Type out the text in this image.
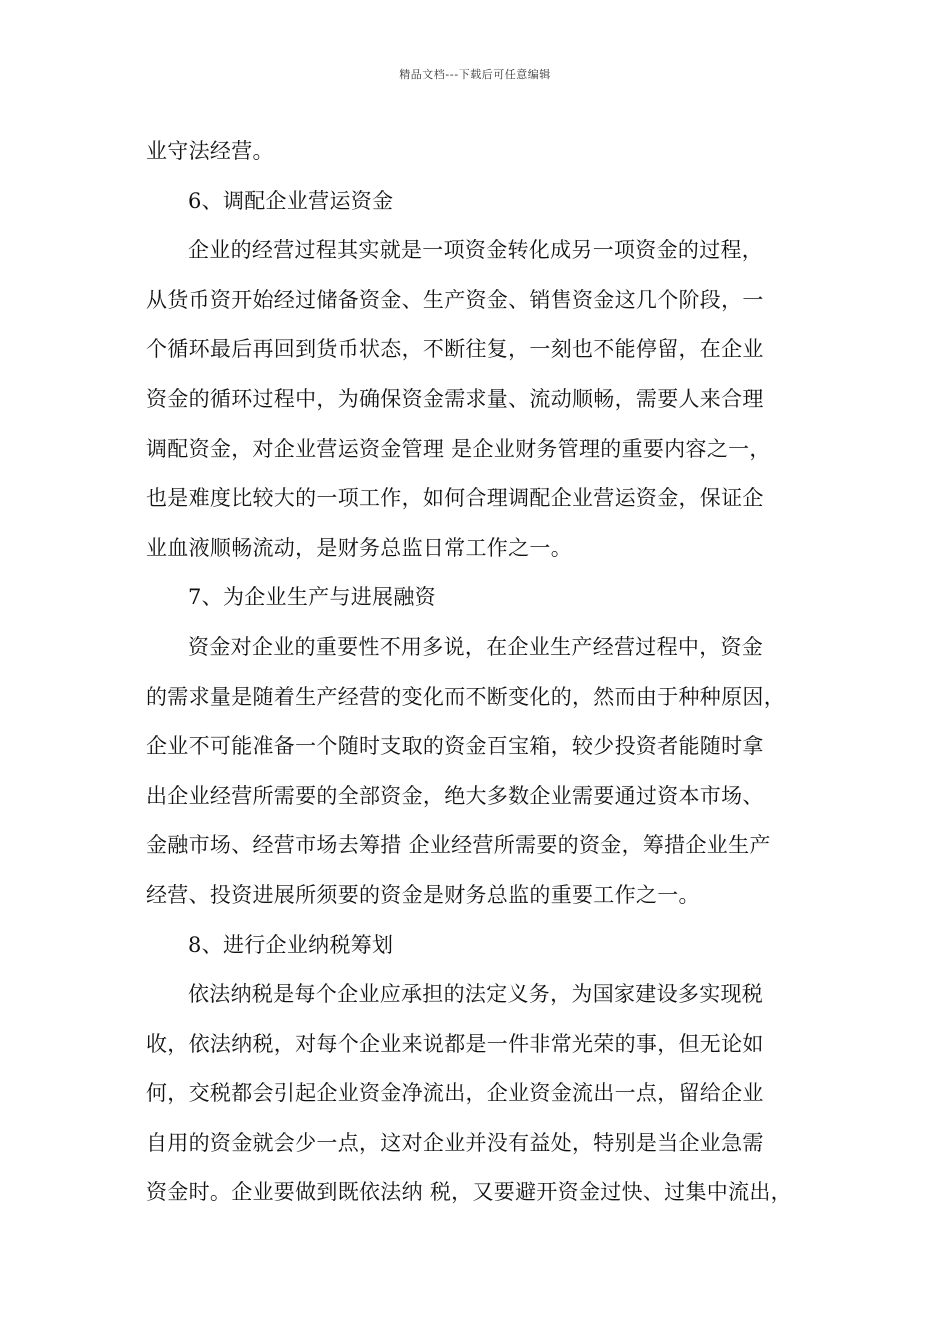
精品文档---下载后可任意编辑
业守法经营。
6、调配企业营运资金
企业的经营过程其实就是一项资金转化成另一项资金的过程，
从货币资开始经过储备资金、生产资金、销售资金这几个阶段，一
个循环最后再回到货币状态，不断往复，一刻也不能停留，在企业
资金的循环过程中，为确保资金需求量、流动顺畅，需要人来合理
调配资金，对企业营运资金管理 是企业财务管理的重要内容之一，
也是难度比较大的一项工作，如何合理调配企业营运资金，保证企
业血液顺畅流动，是财务总监日常工作之一。
7、为企业生产与进展融资
资金对企业的重要性不用多说，在企业生产经营过程中，资金
的需求量是随着生产经营的变化而不断变化的，然而由于种种原因，
企业不可能准备一个随时支取的资金百宝箱，较少投资者能随时拿
出企业经营所需要的全部资金，绝大多数企业需要通过资本市场、
金融市场、经营市场去筹措 企业经营所需要的资金，筹措企业生产
经营、投资进展所须要的资金是财务总监的重要工作之一。
8、进行企业纳税筹划
依法纳税是每个企业应承担的法定义务，为国家建设多实现税
收，依法纳税，对每个企业来说都是一件非常光荣的事，但无论如
何，交税都会引起企业资金净流出，企业资金流出一点，留给企业
自用的资金就会少一点，这对企业并没有益处，特别是当企业急需
资金时。企业要做到既依法纳 税，又要避开资金过快、过集中流出，
